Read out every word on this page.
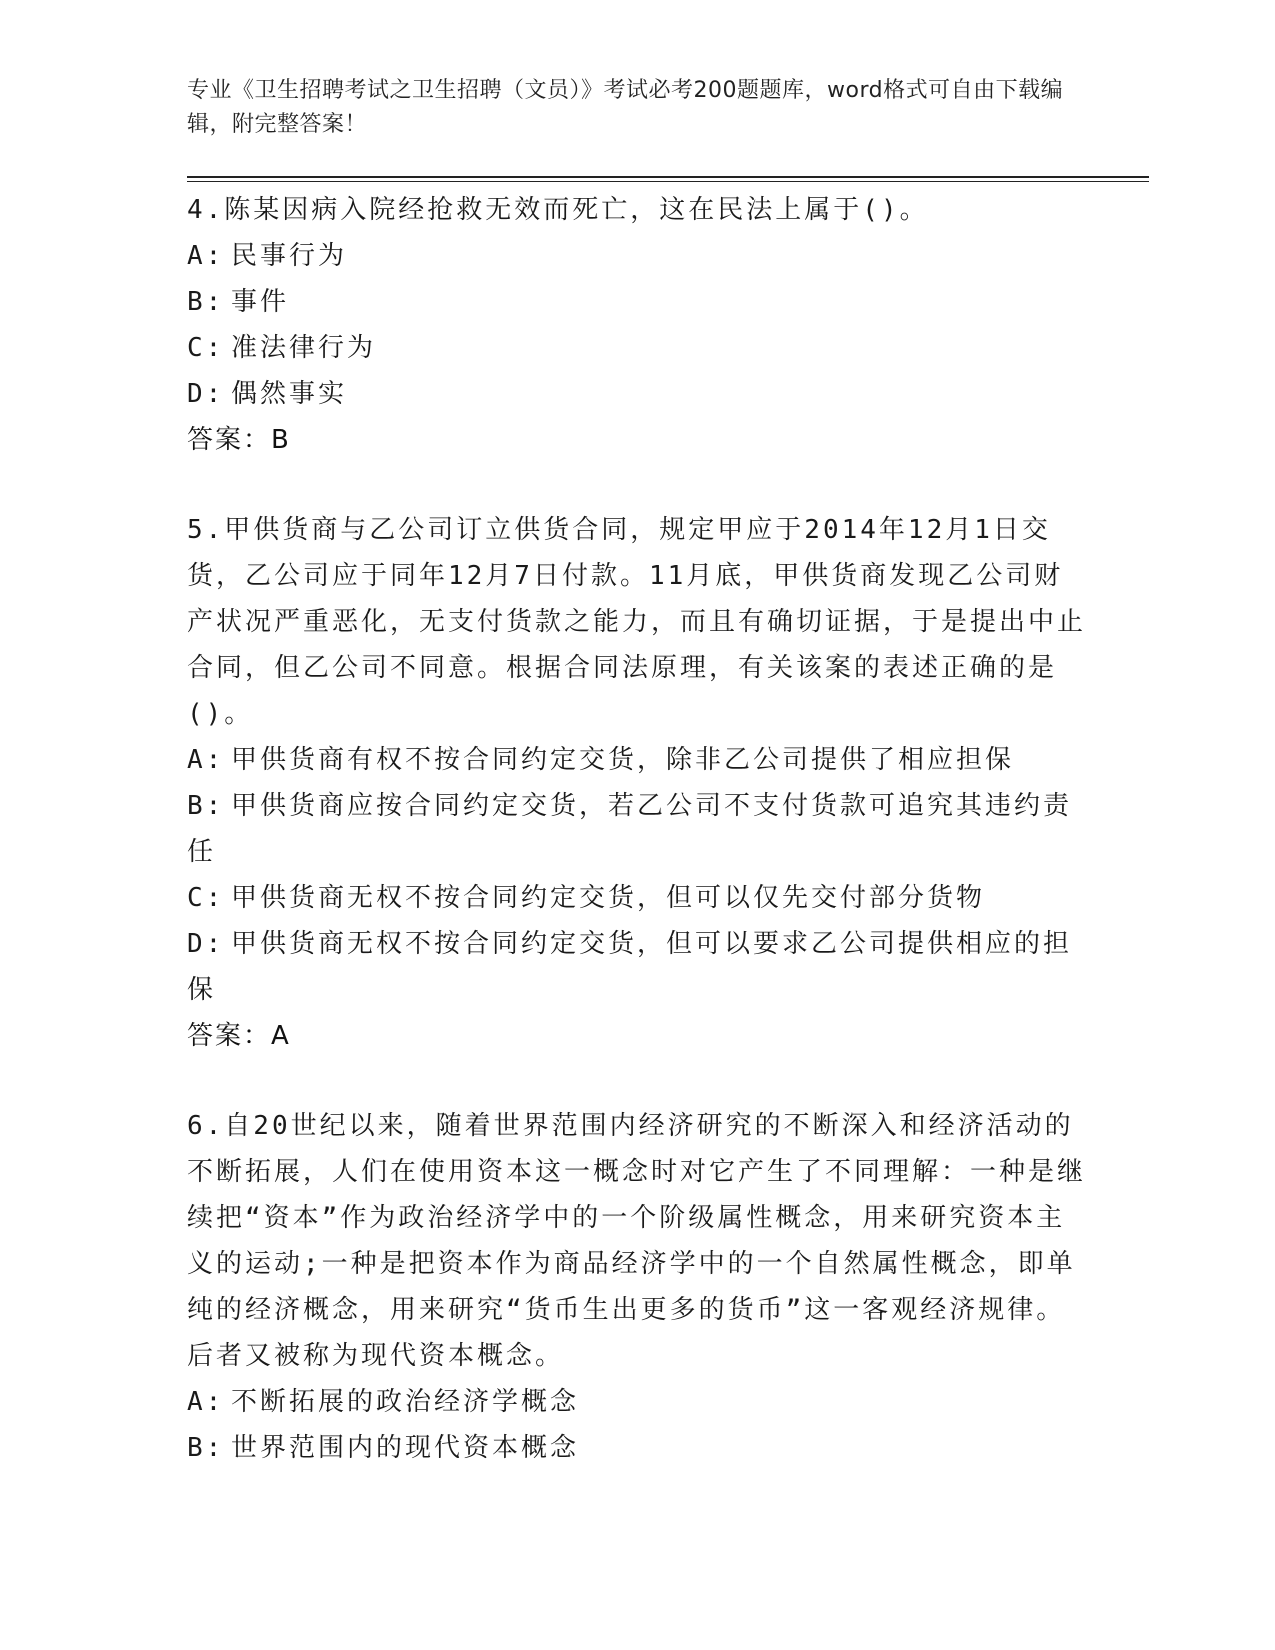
专业《卫生招聘考试之卫生招聘（文员）》考试必考200题题库，word格式可自由下载编辑，附完整答案！
4.陈某因病入院经抢救无效而死亡，这在民法上属于()。
A: 民事行为
B: 事件
C: 准法律行为
D: 偶然事实
答案：B
5.甲供货商与乙公司订立供货合同，规定甲应于2014年12月1日交货，乙公司应于同年12月7日付款。11月底，甲供货商发现乙公司财产状况严重恶化，无支付货款之能力，而且有确切证据，于是提出中止合同，但乙公司不同意。根据合同法原理，有关该案的表述正确的是()。
A: 甲供货商有权不按合同约定交货，除非乙公司提供了相应担保
B: 甲供货商应按合同约定交货，若乙公司不支付货款可追究其违约责任
C: 甲供货商无权不按合同约定交货，但可以仅先交付部分货物
D: 甲供货商无权不按合同约定交货，但可以要求乙公司提供相应的担保
答案：A
6.自20世纪以来，随着世界范围内经济研究的不断深入和经济活动的不断拓展，人们在使用资本这一概念时对它产生了不同理解：一种是继续把“资本”作为政治经济学中的一个阶级属性概念，用来研究资本主义的运动;一种是把资本作为商品经济学中的一个自然属性概念，即单纯的经济概念，用来研究“货币生出更多的货币”这一客观经济规律。后者又被称为现代资本概念。
A: 不断拓展的政治经济学概念
B: 世界范围内的现代资本概念
